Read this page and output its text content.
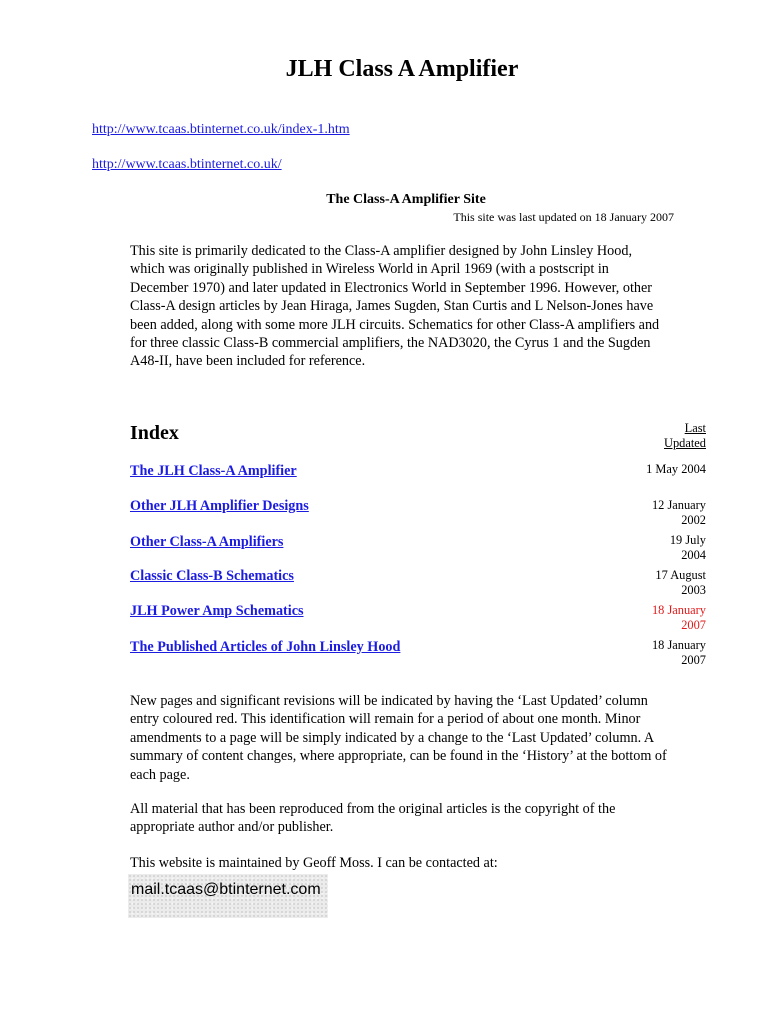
JLH Class A Amplifier
http://www.tcaas.btinternet.co.uk/index-1.htm
http://www.tcaas.btinternet.co.uk/
The Class-A Amplifier Site
This site was last updated on 18 January 2007

This site is primarily dedicated to the Class-A amplifier designed by John Linsley Hood, which was originally published in Wireless World in April 1969 (with a postscript in December 1970) and later updated in Electronics World in September 1996. However, other Class-A design articles by Jean Hiraga, James Sugden, Stan Curtis and L Nelson-Jones have been added, along with some more JLH circuits. Schematics for other Class-A amplifiers and for three classic Class-B commercial amplifiers, the NAD3020, the Cyrus 1 and the Sugden A48-II, have been included for reference.

Index	Last
Updated
The JLH Class-A Amplifier	1 May 2004

Other JLH Amplifier Designs	12 January
2002
Other Class-A Amplifiers	19 July
2004
Classic Class-B Schematics	17 August
2003
JLH Power Amp Schematics	18 January
2007
The Published Articles of John Linsley Hood	18 January
2007

New pages and significant revisions will be indicated by having the ‘Last Updated’ column entry coloured red. This identification will remain for a period of about one month. Minor amendments to a page will be simply indicated by a change to the ‘Last Updated’ column. A summary of content changes, where appropriate, can be found in the ‘History’ at the bottom of each page.

All material that has been reproduced from the original articles is the copyright of the appropriate author and/or publisher.

This website is maintained by Geoff Moss. I can be contacted at:

mail.tcaas@btinternet.com
